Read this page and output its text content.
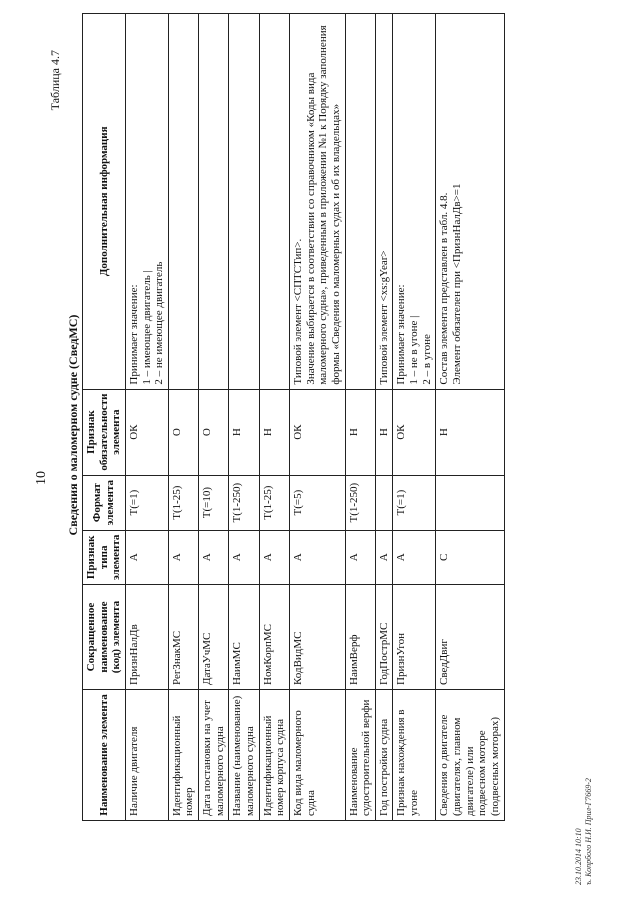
10
Таблица 4.7
Сведения о маломерном судне (СведМС)
Наименование элемента	Сокращенное наименование (код) элемента	Признак типа элемента	Формат элемента	Признак обязательности элемента	Дополнительная информация
Наличие двигателя	ПризнНалДв	А	Т(=1)	ОК	Принимает значение: 1 – имеющее двигатель | 2 – не имеющее двигатель

Идентификационный номер	РегЗнакМС	А	Т(1-25)	О	
Дата постановки на учет маломерного судна	ДатаУчМС	А	Т(=10)	О	
Название (наименование) маломерного судна	НаимМС	А	Т(1-250)	Н	
Идентификационный номер корпуса судна	НомКорпМС	А	Т(1-25)	Н	
Код вида маломерного судна	КодВидМС	А	Т(=5)	ОК	Типовой элемент <СПТСТип>. Значение выбирается в соответствии со справочником «Коды вида маломерного судна», приведенным в приложении №1 к Порядку заполнения формы «Сведения о маломерных судах и об их владельцах»

Наименование судостроительной верфи	НаимВерф	А	Т(1-250)	Н	
Год постройки судна	ГодПострМС	А		Н	Типовой элемент <xs:gYear>

Признак нахождения в угоне	ПризнУгон	А	Т(=1)	ОК	Принимает значение: 1 – не в угоне | 2 – в угоне

Сведения о двигателе (двигателях, главном двигателе) или подвесном моторе (подвесных моторах)	СведДвиг	С		Н	Состав элемента представлен в табл. 4.8. Элемент обязателен при <ПризнНалДв>=1
23.10.2014 10:10 ъ. Копрбого Н.И. Прил-Г7669-2
